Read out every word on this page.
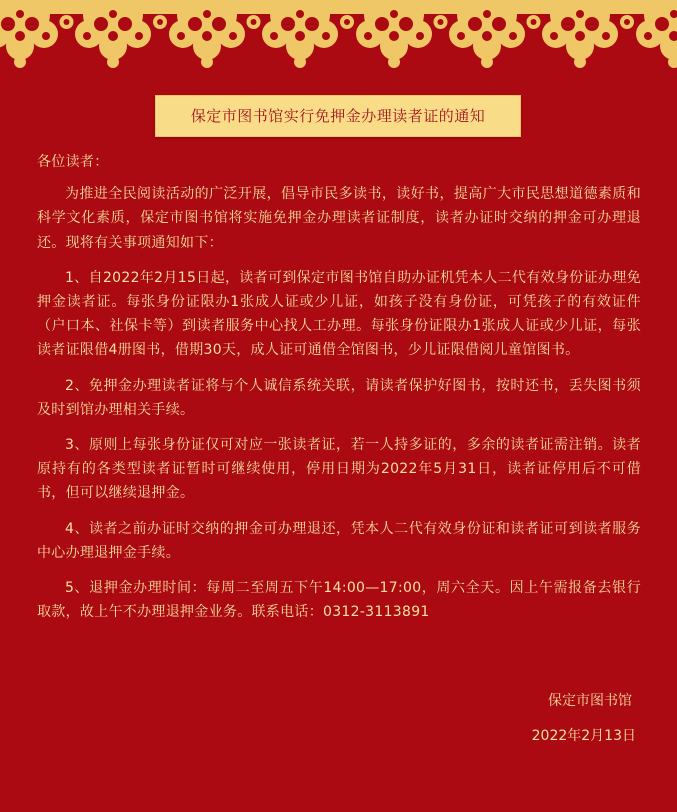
保定市图书馆实行免押金办理读者证的通知

各位读者：

为推进全民阅读活动的广泛开展，倡导市民多读书，读好书，提高广大市民思想道德素质和科学文化素质，保定市图书馆将实施免押金办理读者证制度，读者办证时交纳的押金可办理退还。现将有关事项通知如下：

1、自2022年2月15日起，读者可到保定市图书馆自助办证机凭本人二代有效身份证办理免押金读者证。每张身份证限办1张成人证或少儿证，如孩子没有身份证，可凭孩子的有效证件（户口本、社保卡等）到读者服务中心找人工办理。每张身份证限办1张成人证或少儿证，每张读者证限借4册图书，借期30天，成人证可通借全馆图书，少儿证限借阅儿童馆图书。

2、免押金办理读者证将与个人诚信系统关联，请读者保护好图书，按时还书，丢失图书须及时到馆办理相关手续。

3、原则上每张身份证仅可对应一张读者证，若一人持多证的，多余的读者证需注销。读者原持有的各类型读者证暂时可继续使用，停用日期为2022年5月31日，读者证停用后不可借书，但可以继续退押金。

4、读者之前办证时交纳的押金可办理退还，凭本人二代有效身份证和读者证可到读者服务中心办理退押金手续。

5、退押金办理时间：每周二至周五下午14:00—17:00，周六全天。因上午需报备去银行取款，故上午不办理退押金业务。联系电话：0312-3113891

保定市图书馆
2022年2月13日
